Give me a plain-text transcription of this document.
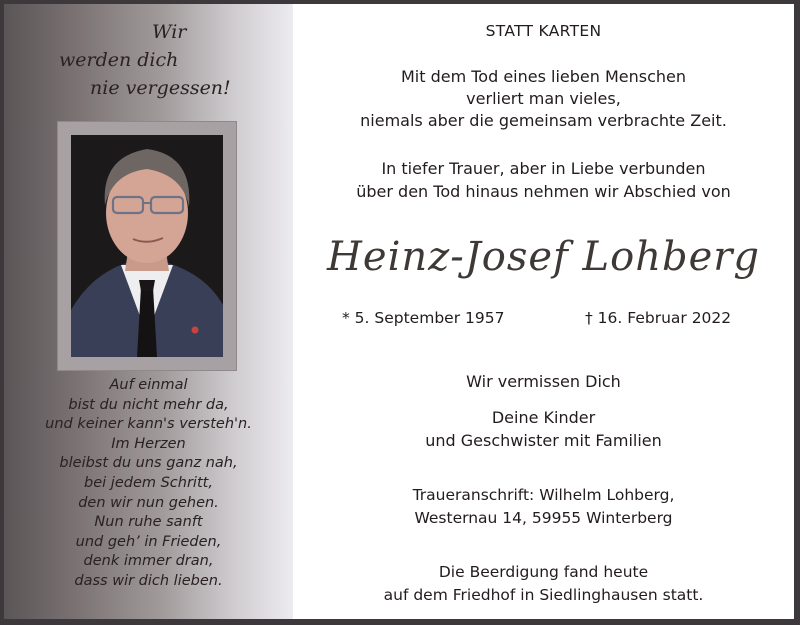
Wir
werden dich
nie vergessen!
Auf einmal
bist du nicht mehr da,
und keiner kann's versteh'n.
Im Herzen
bleibst du uns ganz nah,
bei jedem Schritt,
den wir nun gehen.
Nun ruhe sanft
und geh’ in Frieden,
denk immer dran,
dass wir dich lieben.
STATT KARTEN
Mit dem Tod eines lieben Menschen
verliert man vieles,
niemals aber die gemeinsam verbrachte Zeit.
In tiefer Trauer, aber in Liebe verbunden
über den Tod hinaus nehmen wir Abschied von
Heinz-Josef Lohberg
* 5. September 1957	† 16. Februar 2022
Wir vermissen Dich
Deine Kinder
und Geschwister mit Familien
Traueranschrift: Wilhelm Lohberg,
Westernau 14, 59955 Winterberg
Die Beerdigung fand heute
auf dem Friedhof in Siedlinghausen statt.
